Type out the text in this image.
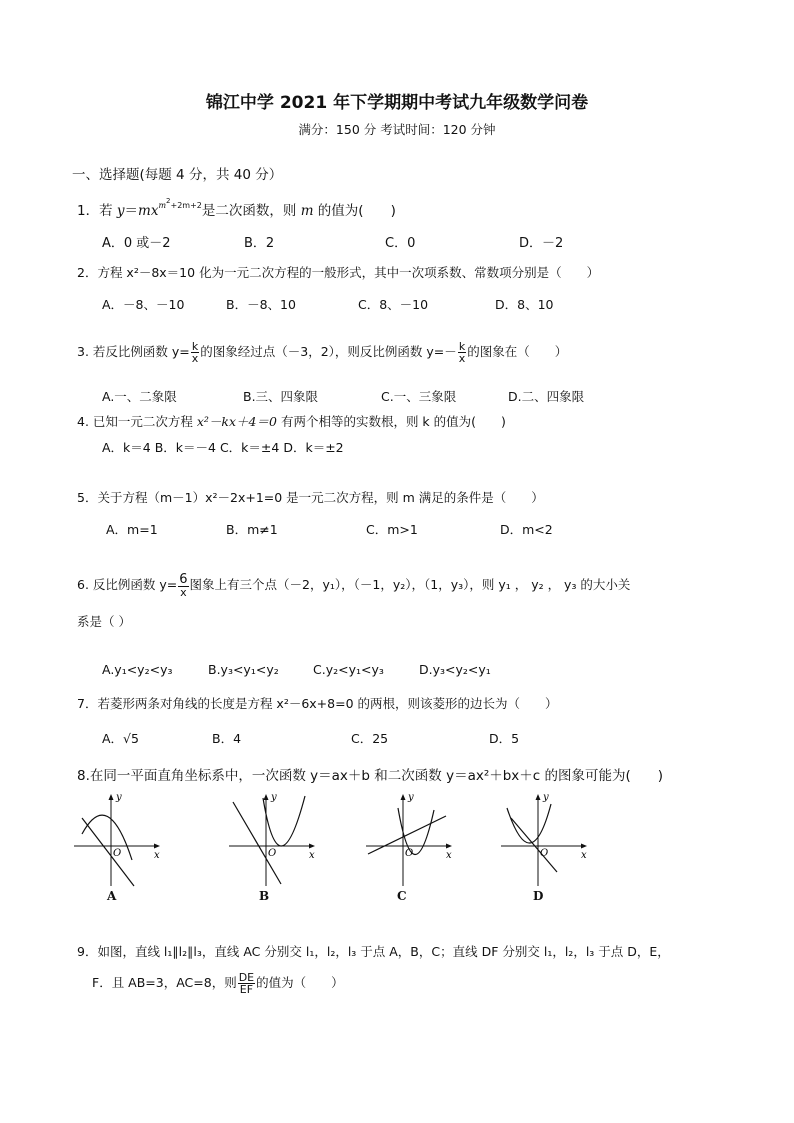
锦江中学 2021 年下学期期中考试九年级数学问卷
满分：150 分 考试时间：120 分钟
一、选择题(每题 4 分，共 40 分）
1．若 $y=mx^{m^2+2m+2}$是二次函数，则 m 的值为(　　)
A．0 或－2	B．2	C．0	D．－2
2．方程 x²－8x＝10 化为一元二次方程的一般形式，其中一次项系数、常数项分别是（　　）
A．－8、－10	B．－8、10	C．8、－10	D．8、10
3. 若反比例函数 $y= \frac{k}{x}$ 的图象经过点（－3，2），则反比例函数 $y=- \frac{k}{x}$ 的图象在（　　）
A.一、二象限	B.三、四象限	C.一、三象限	D.二、四象限
4. 已知一元二次方程 x²－kx＋4＝0 有两个相等的实数根，则 k 的值为(　　)
A．k＝4 B．k＝－4 C．k＝±4 D．k＝±2
5．关于方程（m－1）x²－2x+1=0 是一元二次方程，则 m 满足的条件是（　　）
A．m=1	B．m≠1	C．m>1	D．m<2
6. 反比例函数 $y= \frac{6}{x}$ 图象上有三个点（－2，y₁），（－1，y₂），（1，y₃），则 y₁ ， y₂ ， y₃ 的大小关
系是（ ）
A.y₁<y₂<y₃	B.y₃<y₁<y₂	C.y₂<y₁<y₃	D.y₃<y₂<y₁
7．若菱形两条对角线的长度是方程 x²－6x+8=0 的两根，则该菱形的边长为（　　）
A．√5	B．4	C．25	D．5
8.在同一平面直角坐标系中，一次函数 y＝ax＋b 和二次函数 y＝ax²＋bx＋c 的图象可能为(　　)
y
x
O
A
y
x
O
B
y
x
O
C
y
x
O
D
9．如图，直线 l₁∥l₂∥l₃，直线 AC 分别交 l₁，l₂，l₃ 于点 A，B，C；直线 DF 分别交 l₁，l₂，l₃ 于点 D，E，
F．且 AB=3，AC=8，则 $\frac{DE}{EF}$ 的值为（　　）
